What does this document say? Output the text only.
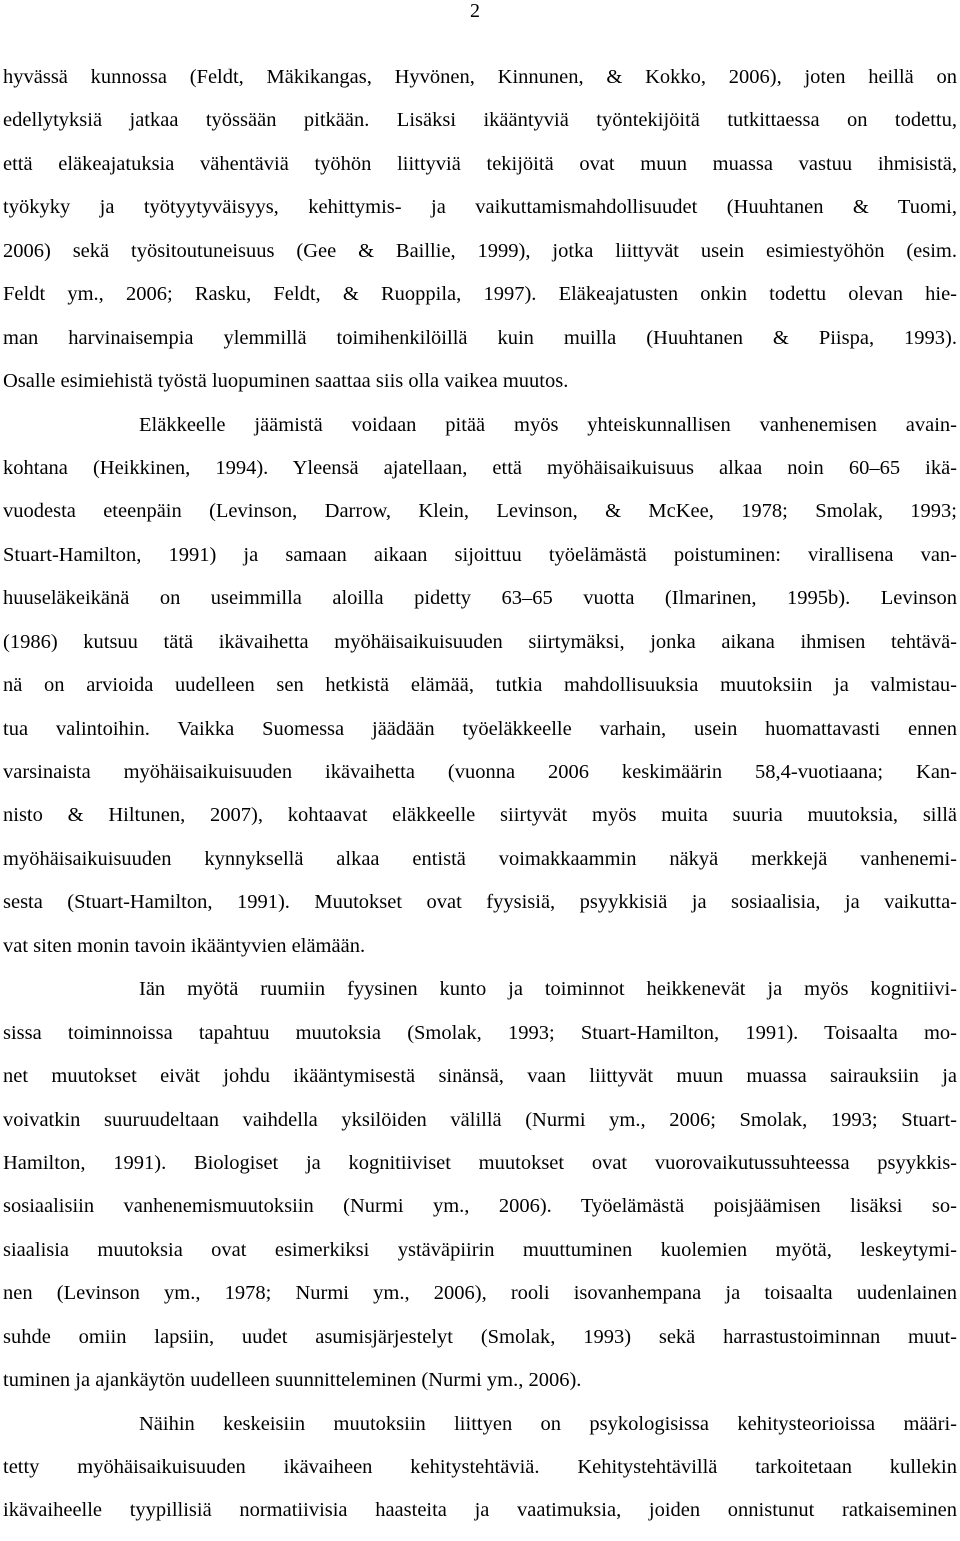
2
hyvässä kunnossa (Feldt, Mäkikangas, Hyvönen, Kinnunen, & Kokko, 2006), joten heillä on
edellytyksiä jatkaa työssään pitkään. Lisäksi ikääntyviä työntekijöitä tutkittaessa on todettu,
että eläkeajatuksia vähentäviä työhön liittyviä tekijöitä ovat muun muassa vastuu ihmisistä,
työkyky ja työtyytyväisyys, kehittymis- ja vaikuttamismahdollisuudet (Huuhtanen & Tuomi,
2006) sekä työsitoutuneisuus (Gee & Baillie, 1999), jotka liittyvät usein esimiestyöhön (esim.
Feldt ym., 2006; Rasku, Feldt, & Ruoppila, 1997). Eläkeajatusten onkin todettu olevan hie-
man harvinaisempia ylemmillä toimihenkilöillä kuin muilla (Huuhtanen & Piispa, 1993).
Osalle esimiehistä työstä luopuminen saattaa siis olla vaikea muutos.
Eläkkeelle jäämistä voidaan pitää myös yhteiskunnallisen vanhenemisen avain-
kohtana (Heikkinen, 1994). Yleensä ajatellaan, että myöhäisaikuisuus alkaa noin 60–65 ikä-
vuodesta eteenpäin (Levinson, Darrow, Klein, Levinson, & McKee, 1978; Smolak, 1993;
Stuart-Hamilton, 1991) ja samaan aikaan sijoittuu työelämästä poistuminen: virallisena van-
huuseläkeikänä on useimmilla aloilla pidetty 63–65 vuotta (Ilmarinen, 1995b). Levinson
(1986) kutsuu tätä ikävaihetta myöhäisaikuisuuden siirtymäksi, jonka aikana ihmisen tehtävä-
nä on arvioida uudelleen sen hetkistä elämää, tutkia mahdollisuuksia muutoksiin ja valmistau-
tua valintoihin. Vaikka Suomessa jäädään työeläkkeelle varhain, usein huomattavasti ennen
varsinaista myöhäisaikuisuuden ikävaihetta (vuonna 2006 keskimäärin 58,4-vuotiaana; Kan-
nisto & Hiltunen, 2007), kohtaavat eläkkeelle siirtyvät myös muita suuria muutoksia, sillä
myöhäisaikuisuuden kynnyksellä alkaa entistä voimakkaammin näkyä merkkejä vanhenemi-
sesta (Stuart-Hamilton, 1991). Muutokset ovat fyysisiä, psyykkisiä ja sosiaalisia, ja vaikutta-
vat siten monin tavoin ikääntyvien elämään.
Iän myötä ruumiin fyysinen kunto ja toiminnot heikkenevät ja myös kognitiivi-
sissa toiminnoissa tapahtuu muutoksia (Smolak, 1993; Stuart-Hamilton, 1991). Toisaalta mo-
net muutokset eivät johdu ikääntymisestä sinänsä, vaan liittyvät muun muassa sairauksiin ja
voivatkin suuruudeltaan vaihdella yksilöiden välillä (Nurmi ym., 2006; Smolak, 1993; Stuart-
Hamilton, 1991). Biologiset ja kognitiiviset muutokset ovat vuorovaikutussuhteessa psyykkis-
sosiaalisiin vanhenemismuutoksiin (Nurmi ym., 2006). Työelämästä poisjäämisen lisäksi so-
siaalisia muutoksia ovat esimerkiksi ystäväpiirin muuttuminen kuolemien myötä, leskeytymi-
nen (Levinson ym., 1978; Nurmi ym., 2006), rooli isovanhempana ja toisaalta uudenlainen
suhde omiin lapsiin, uudet asumisjärjestelyt (Smolak, 1993) sekä harrastustoiminnan muut-
tuminen ja ajankäytön uudelleen suunnitteleminen (Nurmi ym., 2006).
Näihin keskeisiin muutoksiin liittyen on psykologisissa kehitysteorioissa määri-
tetty myöhäisaikuisuuden ikävaiheen kehitystehtäviä. Kehitystehtävillä tarkoitetaan kullekin
ikävaiheelle tyypillisiä normatiivisia haasteita ja vaatimuksia, joiden onnistunut ratkaiseminen
